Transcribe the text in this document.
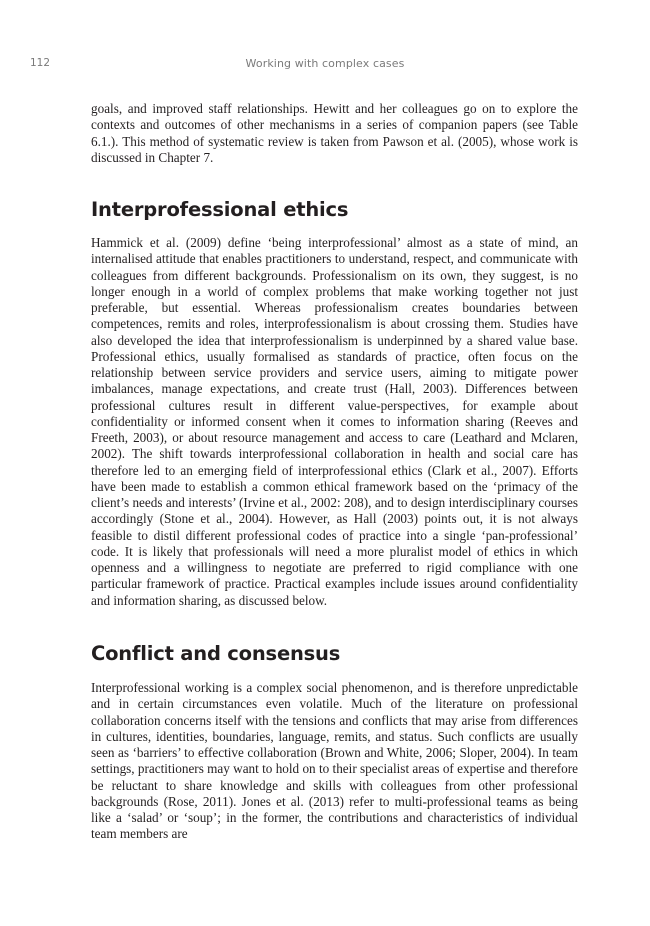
112	Working with complex cases

goals, and improved staff relationships. Hewitt and her colleagues go on to explore the contexts and outcomes of other mechanisms in a series of companion papers (see Table 6.1.). This method of systematic review is taken from Pawson et al. (2005), whose work is discussed in Chapter 7.

Interprofessional ethics

Hammick et al. (2009) define ‘being interprofessional’ almost as a state of mind, an internalised attitude that enables practitioners to understand, respect, and communicate with colleagues from different backgrounds. Professionalism on its own, they suggest, is no longer enough in a world of complex problems that make working together not just preferable, but essential. Whereas professionalism creates boundaries between competences, remits and roles, interprofessionalism is about crossing them. Studies have also developed the idea that interprofessionalism is underpinned by a shared value base. Professional ethics, usually formalised as standards of practice, often focus on the relationship between service providers and service users, aiming to mitigate power imbalances, manage expectations, and create trust (Hall, 2003). Differences between professional cultures result in different value-perspectives, for example about confidentiality or informed consent when it comes to information sharing (Reeves and Freeth, 2003), or about resource management and access to care (Leathard and Mclaren, 2002). The shift towards interprofessional collaboration in health and social care has therefore led to an emerging field of interprofessional ethics (Clark et al., 2007). Efforts have been made to establish a common ethical framework based on the ‘primacy of the client’s needs and interests’ (Irvine et al., 2002: 208), and to design interdisciplinary courses accordingly (Stone et al., 2004). However, as Hall (2003) points out, it is not always feasible to distil different professional codes of practice into a single ‘pan-professional’ code. It is likely that professionals will need a more pluralist model of ethics in which openness and a willingness to negotiate are preferred to rigid compliance with one particular framework of practice. Practical examples include issues around confidentiality and information sharing, as discussed below.

Conflict and consensus

Interprofessional working is a complex social phenomenon, and is therefore unpredictable and in certain circumstances even volatile. Much of the literature on professional collaboration concerns itself with the tensions and conflicts that may arise from differences in cultures, identities, boundaries, language, remits, and status. Such conflicts are usually seen as ‘barriers’ to effective collaboration (Brown and White, 2006; Sloper, 2004). In team settings, practitioners may want to hold on to their specialist areas of expertise and therefore be reluctant to share knowledge and skills with colleagues from other professional backgrounds (Rose, 2011). Jones et al. (2013) refer to multi-professional teams as being like a ‘salad’ or ‘soup’; in the former, the contributions and characteristics of individual team members are
